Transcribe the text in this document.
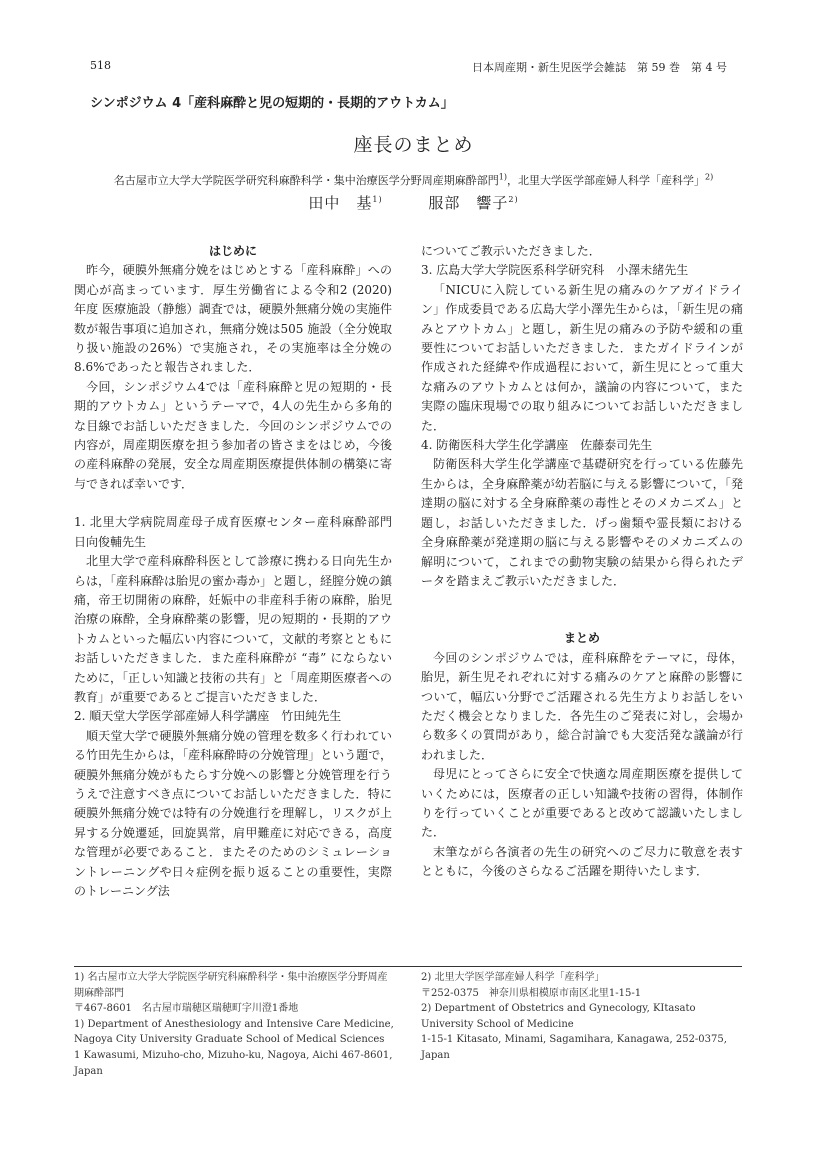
518	日本周産期・新生児医学会雑誌　第 59 巻　第 4 号
シンポジウム 4「産科麻酔と児の短期的・長期的アウトカム」
座長のまとめ
名古屋市立大学大学院医学研究科麻酔科学・集中治療医学分野周産期麻酔部門$^{1)}$，北里大学医学部産婦人科学「産科学」$^{2)}$
田中　基$^{1)}$	服部　響子$^{2)}$

はじめに

昨今，硬膜外無痛分娩をはじめとする「産科麻酔」への関心が高まっています．厚生労働省による令和2 (2020) 年度 医療施設（静態）調査では，硬膜外無痛分娩の実施件数が報告事項に追加され，無痛分娩は505 施設（全分娩取り扱い施設の26%）で実施され，その実施率は全分娩の8.6%であったと報告されました．

今回，シンポジウム4では「産科麻酔と児の短期的・長期的アウトカム」というテーマで，4人の先生から多角的な目線でお話しいただきました．今回のシンポジウムでの内容が，周産期医療を担う参加者の皆さまをはじめ，今後の産科麻酔の発展，安全な周産期医療提供体制の構築に寄与できれば幸いです．

1. 北里大学病院周産母子成育医療センター産科麻酔部門　日向俊輔先生

北里大学で産科麻酔科医として診療に携わる日向先生からは，「産科麻酔は胎児の蜜か毒か」と題し，経膣分娩の鎮痛，帝王切開術の麻酔，妊娠中の非産科手術の麻酔，胎児治療の麻酔，全身麻酔薬の影響，児の短期的・長期的アウトカムといった幅広い内容について，文献的考察とともにお話しいただきました．また産科麻酔が “毒” にならないために，「正しい知識と技術の共有」と「周産期医療者への教育」が重要であるとご提言いただきました．

2. 順天堂大学医学部産婦人科学講座　竹田純先生

順天堂大学で硬膜外無痛分娩の管理を数多く行われている竹田先生からは，「産科麻酔時の分娩管理」という題で，硬膜外無痛分娩がもたらす分娩への影響と分娩管理を行ううえで注意すべき点についてお話しいただきました．特に硬膜外無痛分娩では特有の分娩進行を理解し，リスクが上昇する分娩遷延，回旋異常，肩甲難産に対応できる，高度な管理が必要であること．またそのためのシミュレーショントレーニングや日々症例を振り返ることの重要性，実際のトレーニング法

についてご教示いただきました．

3. 広島大学大学院医系科学研究科　小澤未緒先生

「NICUに入院している新生児の痛みのケアガイドライン」作成委員である広島大学小澤先生からは，「新生児の痛みとアウトカム」と題し，新生児の痛みの予防や緩和の重要性についてお話しいただきました．またガイドラインが作成された経緯や作成過程において，新生児にとって重大な痛みのアウトカムとは何か，議論の内容について，また実際の臨床現場での取り組みについてお話しいただきました．

4. 防衛医科大学生化学講座　佐藤泰司先生

防衛医科大学生化学講座で基礎研究を行っている佐藤先生からは，全身麻酔薬が幼若脳に与える影響について，「発達期の脳に対する全身麻酔薬の毒性とそのメカニズム」と題し，お話しいただきました．げっ歯類や霊長類における全身麻酔薬が発達期の脳に与える影響やそのメカニズムの解明について，これまでの動物実験の結果から得られたデータを踏まえご教示いただきました．

まとめ

今回のシンポジウムでは，産科麻酔をテーマに，母体，胎児，新生児それぞれに対する痛みのケアと麻酔の影響について，幅広い分野でご活躍される先生方よりお話しをいただく機会となりました．各先生のご発表に対し，会場から数多くの質問があり，総合討論でも大変活発な議論が行われました．

母児にとってさらに安全で快適な周産期医療を提供していくためには，医療者の正しい知識や技術の習得，体制作りを行っていくことが重要であると改めて認識いたしました．

末筆ながら各演者の先生の研究へのご尽力に敬意を表すとともに，今後のさらなるご活躍を期待いたします．

1) 名古屋市立大学大学院医学研究科麻酔科学・集中治療医学分野周産期麻酔部門
〒467-8601　名古屋市瑞穂区瑞穂町字川澄1番地
1) Department of Anesthesiology and Intensive Care Medicine, Nagoya City University Graduate School of Medical Sciences
1 Kawasumi, Mizuho-cho, Mizuho-ku, Nagoya, Aichi 467-8601, Japan
2) 北里大学医学部産婦人科学「産科学」
〒252-0375　神奈川県相模原市南区北里1-15-1
2) Department of Obstetrics and Gynecology, KItasato University School of Medicine
1-15-1 Kitasato, Minami, Sagamihara, Kanagawa, 252-0375, Japan
